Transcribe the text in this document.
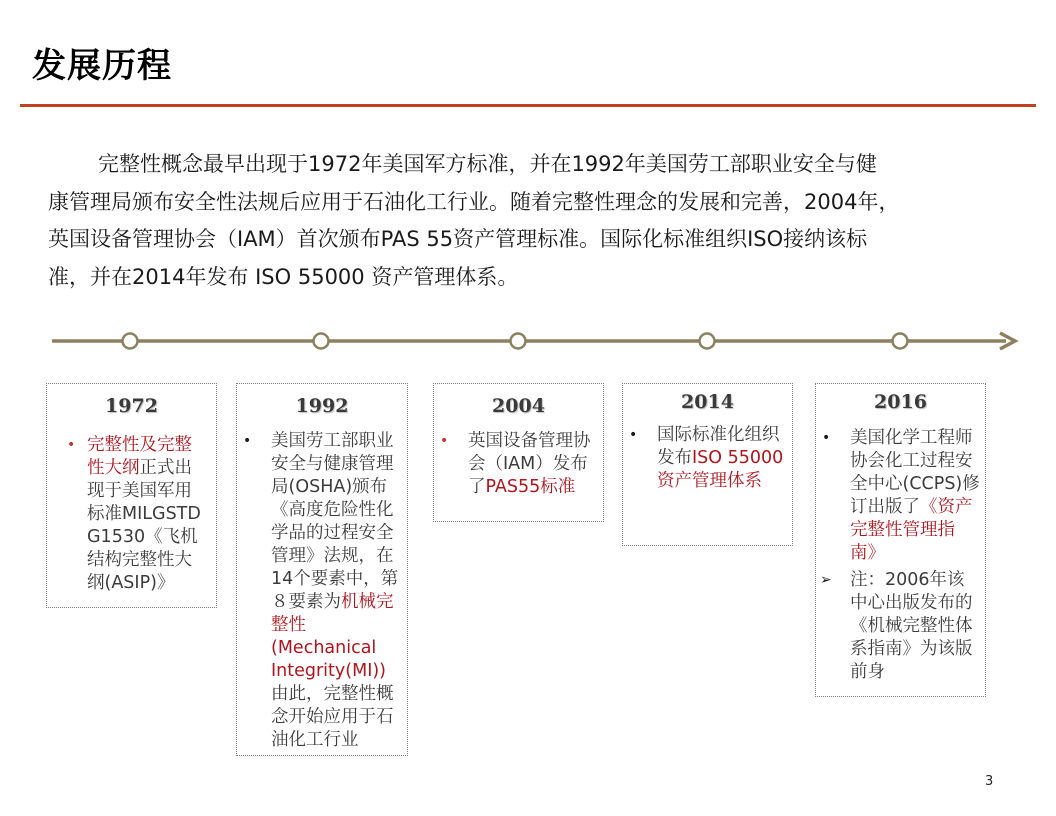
发展历程

完整性概念最早出现于1972年美国军方标准，并在1992年美国劳工部职业安全与健
康管理局颁布安全性法规后应用于石油化工行业。随着完整性理念的发展和完善，2004年，
英国设备管理协会（IAM）首次颁布PAS 55资产管理标准。国际化标准组织ISO接纳该标
准，并在2014年发布 ISO 55000 资产管理体系。

1972
• 完整性及完整性大纲正式出现于美国军用标准MILGSTD G1530《飞机结构完整性大纲(ASIP)》
1992
• 美国劳工部职业安全与健康管理局(OSHA)颁布《高度危险性化学品的过程安全管理》法规，在14个要素中，第８要素为机械完整性(Mechanical Integrity(MI))由此，完整性概念开始应用于石油化工行业
2004
• 英国设备管理协会（IAM）发布了PAS55标准
2014
• 国际标准化组织发布ISO 55000资产管理体系
2016
• 美国化学工程师协会化工过程安全中心(CCPS)修订出版了《资产完整性管理指南》
➢ 注：2006年该中心出版发布的《机械完整性体系指南》为该版前身
3
